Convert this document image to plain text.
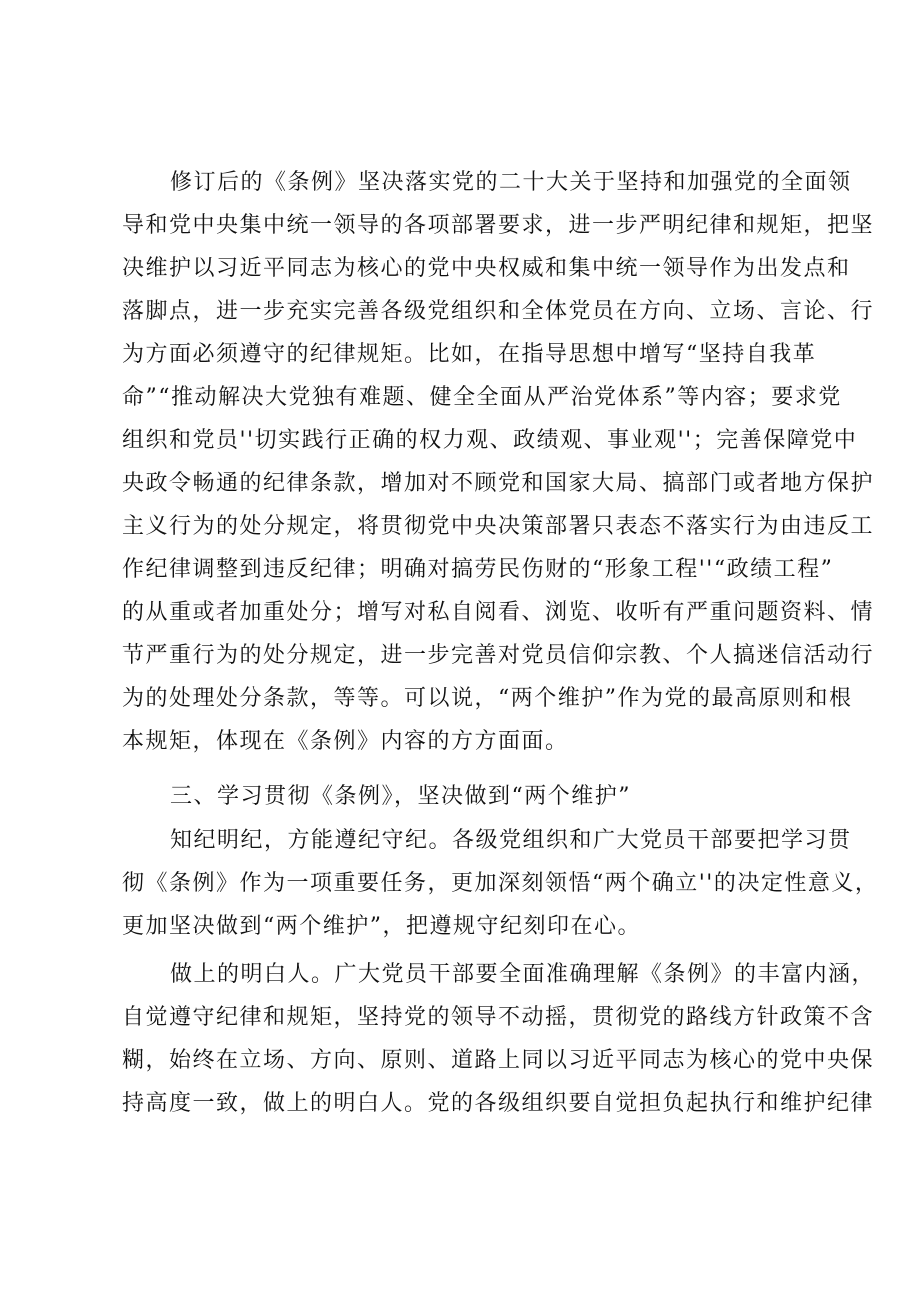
修订后的《条例》坚决落实党的二十大关于坚持和加强党的全面领
导和党中央集中统一领导的各项部署要求，进一步严明纪律和规矩，把坚
决维护以习近平同志为核心的党中央权威和集中统一领导作为出发点和
落脚点，进一步充实完善各级党组织和全体党员在方向、立场、言论、行
为方面必须遵守的纪律规矩。比如，在指导思想中增写“坚持自我革
命”“推动解决大党独有难题、健全全面从严治党体系”等内容；要求党
组织和党员''切实践行正确的权力观、政绩观、事业观''；完善保障党中
央政令畅通的纪律条款，增加对不顾党和国家大局、搞部门或者地方保护
主义行为的处分规定，将贯彻党中央决策部署只表态不落实行为由违反工
作纪律调整到违反纪律；明确对搞劳民伤财的“形象工程''“政绩工程”
的从重或者加重处分；增写对私自阅看、浏览、收听有严重问题资料、情
节严重行为的处分规定，进一步完善对党员信仰宗教、个人搞迷信活动行
为的处理处分条款，等等。可以说，“两个维护”作为党的最高原则和根
本规矩，体现在《条例》内容的方方面面。
三、学习贯彻《条例》，坚决做到“两个维护”
知纪明纪，方能遵纪守纪。各级党组织和广大党员干部要把学习贯
彻《条例》作为一项重要任务，更加深刻领悟“两个确立''的决定性意义，
更加坚决做到“两个维护”，把遵规守纪刻印在心。
做上的明白人。广大党员干部要全面准确理解《条例》的丰富内涵，
自觉遵守纪律和规矩，坚持党的领导不动摇，贯彻党的路线方针政策不含
糊，始终在立场、方向、原则、道路上同以习近平同志为核心的党中央保
持高度一致，做上的明白人。党的各级组织要自觉担负起执行和维护纪律
